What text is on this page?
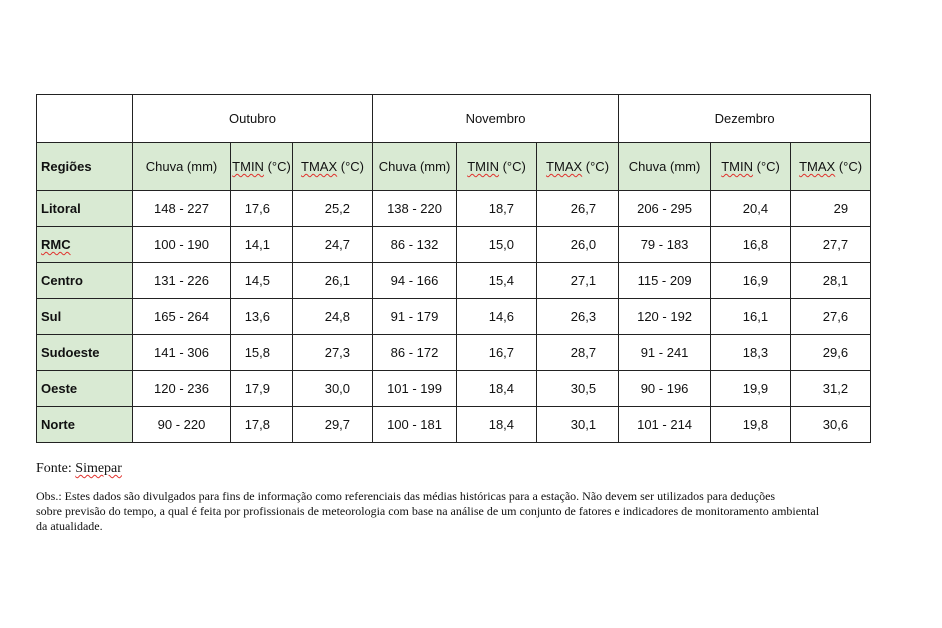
	Outubro			Novembro			Dezembro		
Regiões	Chuva (mm)	TMIN (°C)	TMAX (°C)	Chuva (mm)	TMIN (°C)	TMAX (°C)	Chuva (mm)	TMIN (°C)	TMAX (°C)
Litoral	148 - 227	17,6	25,2	138 - 220	18,7	26,7	206 - 295	20,4	29
RMC	100 - 190	14,1	24,7	86 - 132	15,0	26,0	79 - 183	16,8	27,7
Centro	131 - 226	14,5	26,1	94 - 166	15,4	27,1	115 - 209	16,9	28,1
Sul	165 - 264	13,6	24,8	91 - 179	14,6	26,3	120 - 192	16,1	27,6
Sudoeste	141 - 306	15,8	27,3	86 - 172	16,7	28,7	91 - 241	18,3	29,6
Oeste	120 - 236	17,9	30,0	101 - 199	18,4	30,5	90 - 196	19,9	31,2
Norte	90 - 220	17,8	29,7	100 - 181	18,4	30,1	101 - 214	19,8	30,6
Fonte: Simepar
Obs.: Estes dados são divulgados para fins de informação como referenciais das médias históricas para a estação. Não devem ser utilizados para deduções
sobre previsão do tempo, a qual é feita por profissionais de meteorologia com base na análise de um conjunto de fatores e indicadores de monitoramento ambiental
da atualidade.
